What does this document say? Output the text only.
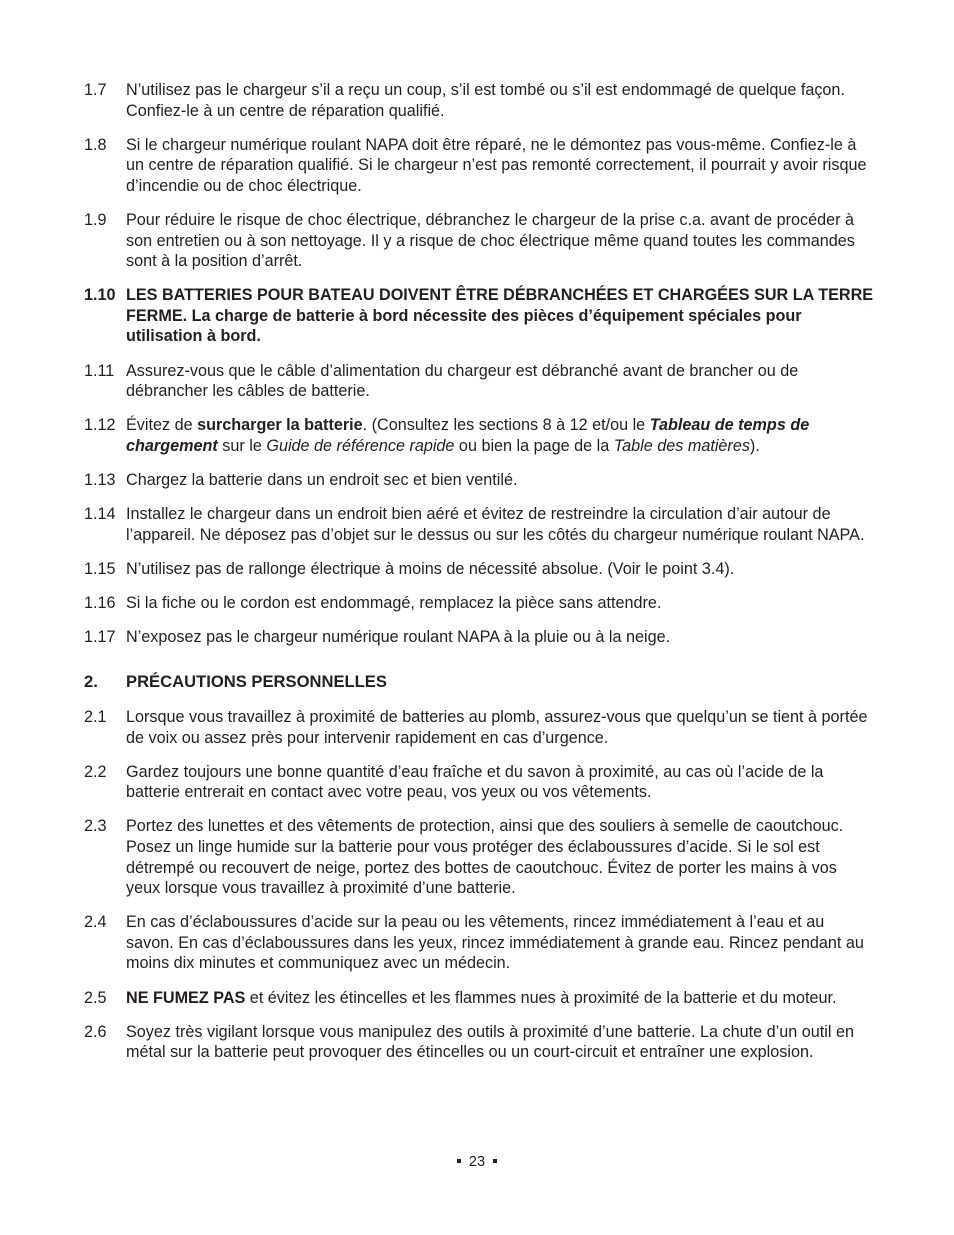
1.7	N’utilisez pas le chargeur s’il a reçu un coup, s’il est tombé ou s’il est endommagé de quelque façon. Confiez-le à un centre de réparation qualifié.
1.8	Si le chargeur numérique roulant NAPA doit être réparé, ne le démontez pas vous-même. Confiez-le à un centre de réparation qualifié. Si le chargeur n’est pas remonté correctement, il pourrait y avoir risque d’incendie ou de choc électrique.
1.9	Pour réduire le risque de choc électrique, débranchez le chargeur de la prise c.a. avant de procéder à son entretien ou à son nettoyage. Il y a risque de choc électrique même quand toutes les commandes sont à la position d’arrêt.
1.10 LES BATTERIES POUR BATEAU DOIVENT ÊTRE DÉBRANCHÉES ET CHARGÉES SUR LA TERRE FERME. La charge de batterie à bord nécessite des pièces d’équipement spéciales pour utilisation à bord.
1.11 Assurez-vous que le câble d’alimentation du chargeur est débranché avant de brancher ou de débrancher les câbles de batterie.
1.12 Évitez de surcharger la batterie. (Consultez les sections 8 à 12 et/ou le Tableau de temps de chargement sur le Guide de référence rapide ou bien la page de la Table des matières).
1.13 Chargez la batterie dans un endroit sec et bien ventilé.
1.14 Installez le chargeur dans un endroit bien aéré et évitez de restreindre la circulation d’air autour de l’appareil. Ne déposez pas d’objet sur le dessus ou sur les côtés du chargeur numérique roulant NAPA.
1.15 N’utilisez pas de rallonge électrique à moins de nécessité absolue. (Voir le point 3.4).
1.16 Si la fiche ou le cordon est endommagé, remplacez la pièce sans attendre.
1.17 N’exposez pas le chargeur numérique roulant NAPA à la pluie ou à la neige.
2.	PRÉCAUTIONS PERSONNELLES
2.1	Lorsque vous travaillez à proximité de batteries au plomb, assurez-vous que quelqu’un se tient à portée de voix ou assez près pour intervenir rapidement en cas d’urgence.
2.2	Gardez toujours une bonne quantité d’eau fraîche et du savon à proximité, au cas où l’acide de la batterie entrerait en contact avec votre peau, vos yeux ou vos vêtements.
2.3	Portez des lunettes et des vêtements de protection, ainsi que des souliers à semelle de caoutchouc. Posez un linge humide sur la batterie pour vous protéger des éclaboussures d’acide. Si le sol est détrempé ou recouvert de neige, portez des bottes de caoutchouc. Évitez de porter les mains à vos yeux lorsque vous travaillez à proximité d’une batterie.
2.4	En cas d’éclaboussures d’acide sur la peau ou les vêtements, rincez immédiatement à l’eau et au savon. En cas d’éclaboussures dans les yeux, rincez immédiatement à grande eau. Rincez pendant au moins dix minutes et communiquez avec un médecin.
2.5	NE FUMEZ PAS et évitez les étincelles et les flammes nues à proximité de la batterie et du moteur.
2.6	Soyez très vigilant lorsque vous manipulez des outils à proximité d’une batterie. La chute d’un outil en métal sur la batterie peut provoquer des étincelles ou un court-circuit et entraîner une explosion.
23
